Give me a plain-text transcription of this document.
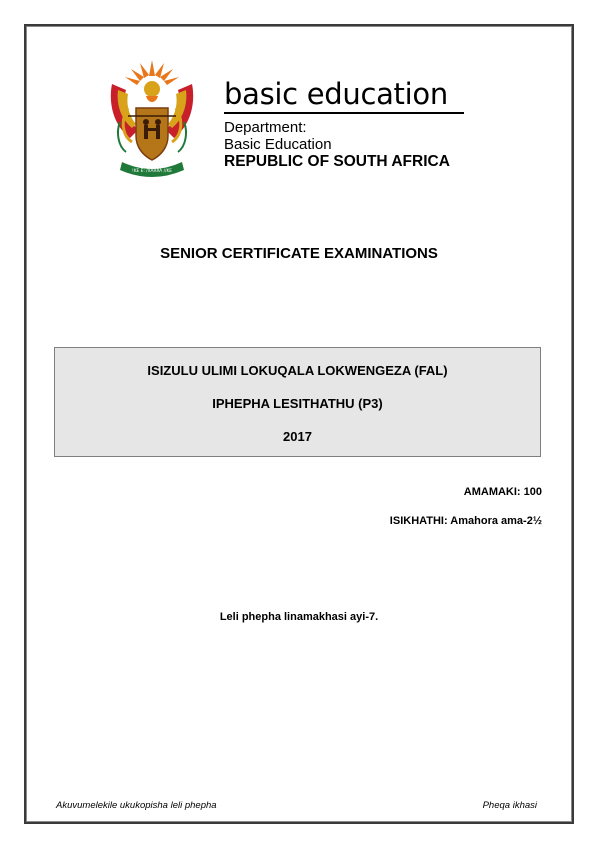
!KE E: /XARRA //KE

basic education

Department:

Basic Education

REPUBLIC OF SOUTH AFRICA

SENIOR CERTIFICATE EXAMINATIONS

ISIZULU ULIMI LOKUQALA LOKWENGEZA (FAL)

IPHEPHA LESITHATHU (P3)

2017

AMAMAKI: 100

ISIKHATHI: Amahora ama-2½

Leli phepha linamakhasi ayi-7.

Akuvumelekile ukukopisha leli phepha	Pheqa ikhasi
